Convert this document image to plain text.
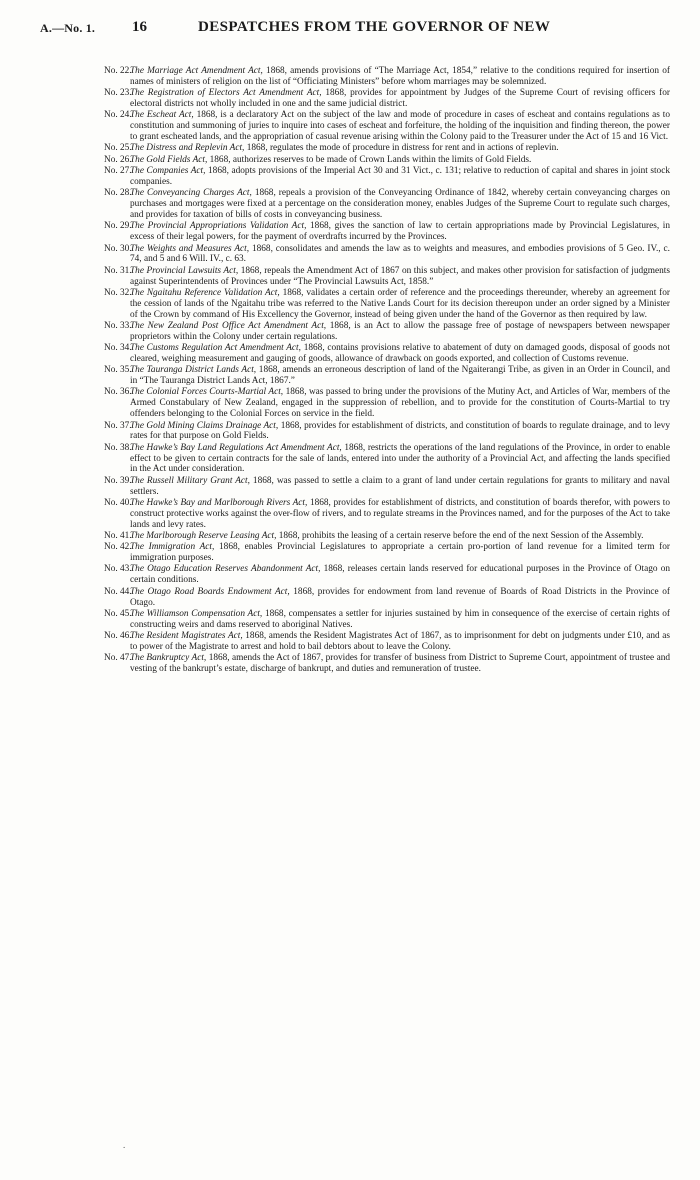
A.—No. 1. 16	DESPATCHES FROM THE GOVERNOR OF NEW
No. 22.
The Marriage Act Amendment Act, 1868, amends provisions of “The Marriage Act, 1854,” relative to the conditions required for insertion of names of ministers of religion on the list of “Officiating Ministers” before whom marriages may be solemnized.
No. 23.
The Registration of Electors Act Amendment Act, 1868, provides for appointment by Judges of the Supreme Court of revising officers for electoral districts not wholly included in one and the same judicial district.
No. 24.
The Escheat Act, 1868, is a declaratory Act on the subject of the law and mode of procedure in cases of escheat and contains regulations as to constitution and summoning of juries to inquire into cases of escheat and forfeiture, the holding of the inquisition and finding thereon, the power to grant escheated lands, and the appropriation of casual revenue arising within the Colony paid to the Treasurer under the Act of 15 and 16 Vict.
No. 25.
The Distress and Replevin Act, 1868, regulates the mode of procedure in distress for rent and in actions of replevin.
No. 26.
The Gold Fields Act, 1868, authorizes reserves to be made of Crown Lands within the limits of Gold Fields.
No. 27.
The Companies Act, 1868, adopts provisions of the Imperial Act 30 and 31 Vict., c. 131; relative to reduction of capital and shares in joint stock companies.
No. 28.
The Conveyancing Charges Act, 1868, repeals a provision of the Conveyancing Ordinance of 1842, whereby certain conveyancing charges on purchases and mortgages were fixed at a percentage on the consideration money, enables Judges of the Supreme Court to regulate such charges, and provides for taxation of bills of costs in conveyancing business.
No. 29.
The Provincial Appropriations Validation Act, 1868, gives the sanction of law to certain appropriations made by Provincial Legislatures, in excess of their legal powers, for the payment of overdrafts incurred by the Provinces.
No. 30.
The Weights and Measures Act, 1868, consolidates and amends the law as to weights and measures, and embodies provisions of 5 Geo. IV., c. 74, and 5 and 6 Will. IV., c. 63.
No. 31.
The Provincial Lawsuits Act, 1868, repeals the Amendment Act of 1867 on this subject, and makes other provision for satisfaction of judgments against Superintendents of Provinces under “The Provincial Lawsuits Act, 1858.”
No. 32.
The Ngaitahu Reference Validation Act, 1868, validates a certain order of reference and the proceedings thereunder, whereby an agreement for the cession of lands of the Ngaitahu tribe was referred to the Native Lands Court for its decision thereupon under an order signed by a Minister of the Crown by command of His Excellency the Governor, instead of being given under the hand of the Governor as then required by law.
No. 33.
The New Zealand Post Office Act Amendment Act, 1868, is an Act to allow the passage free of postage of newspapers between newspaper proprietors within the Colony under certain regulations.
No. 34.
The Customs Regulation Act Amendment Act, 1868, contains provisions relative to abatement of duty on damaged goods, disposal of goods not cleared, weighing measurement and gauging of goods, allowance of drawback on goods exported, and collection of Customs revenue.
No. 35.
The Tauranga District Lands Act, 1868, amends an erroneous description of land of the Ngaiterangi Tribe, as given in an Order in Council, and in “The Tauranga District Lands Act, 1867.”
No. 36.
The Colonial Forces Courts-Martial Act, 1868, was passed to bring under the provisions of the Mutiny Act, and Articles of War, members of the Armed Constabulary of New Zealand, engaged in the suppression of rebellion, and to provide for the constitution of Courts-Martial to try offenders belonging to the Colonial Forces on service in the field.
No. 37.
The Gold Mining Claims Drainage Act, 1868, provides for establishment of districts, and constitution of boards to regulate drainage, and to levy rates for that purpose on Gold Fields.
No. 38.
The Hawke’s Bay Land Regulations Act Amendment Act, 1868, restricts the operations of the land regulations of the Province, in order to enable effect to be given to certain contracts for the sale of lands, entered into under the authority of a Provincial Act, and affecting the lands specified in the Act under consideration.
No. 39.
The Russell Military Grant Act, 1868, was passed to settle a claim to a grant of land under certain regulations for grants to military and naval settlers.
No. 40.
The Hawke’s Bay and Marlborough Rivers Act, 1868, provides for establishment of districts, and constitution of boards therefor, with powers to construct protective works against the over-flow of rivers, and to regulate streams in the Provinces named, and for the purposes of the Act to take lands and levy rates.
No. 41.
The Marlborough Reserve Leasing Act, 1868, prohibits the leasing of a certain reserve before the end of the next Session of the Assembly.
No. 42.
The Immigration Act, 1868, enables Provincial Legislatures to appropriate a certain pro-portion of land revenue for a limited term for immigration purposes.
No. 43.
The Otago Education Reserves Abandonment Act, 1868, releases certain lands reserved for educational purposes in the Province of Otago on certain conditions.
No. 44.
The Otago Road Boards Endowment Act, 1868, provides for endowment from land revenue of Boards of Road Districts in the Province of Otago.
No. 45.
The Williamson Compensation Act, 1868, compensates a settler for injuries sustained by him in consequence of the exercise of certain rights of constructing weirs and dams reserved to aboriginal Natives.
No. 46.
The Resident Magistrates Act, 1868, amends the Resident Magistrates Act of 1867, as to imprisonment for debt on judgments under £10, and as to power of the Magistrate to arrest and hold to bail debtors about to leave the Colony.
No. 47.
The Bankruptcy Act, 1868, amends the Act of 1867, provides for transfer of business from District to Supreme Court, appointment of trustee and vesting of the bankrupt’s estate, discharge of bankrupt, and duties and remuneration of trustee.
.
